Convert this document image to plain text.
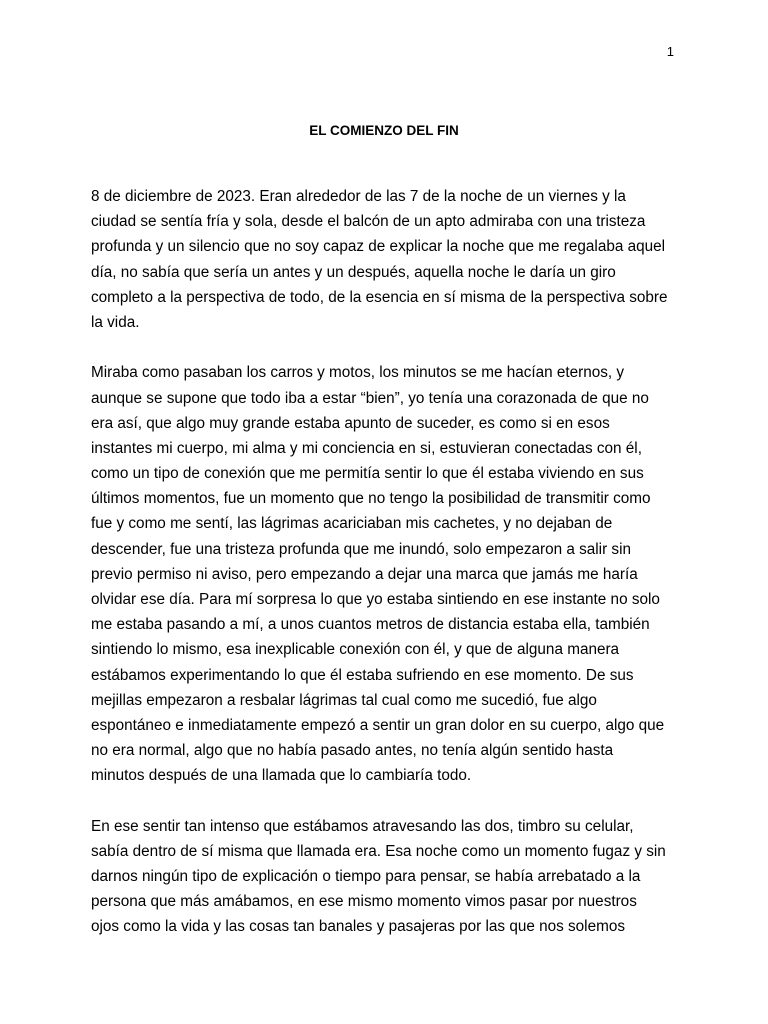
1
EL COMIENZO DEL FIN
8 de diciembre de 2023. Eran alrededor de las 7 de la noche de un viernes y la
ciudad se sentía fría y sola, desde el balcón de un apto admiraba con una tristeza
profunda y un silencio que no soy capaz de explicar la noche que me regalaba aquel
día, no sabía que sería un antes y un después, aquella noche le daría un giro
completo a la perspectiva de todo, de la esencia en sí misma de la perspectiva sobre
la vida.
Miraba como pasaban los carros y motos, los minutos se me hacían eternos, y
aunque se supone que todo iba a estar “bien”, yo tenía una corazonada de que no
era así, que algo muy grande estaba apunto de suceder, es como si en esos
instantes mi cuerpo, mi alma y mi conciencia en si, estuvieran conectadas con él,
como un tipo de conexión que me permitía sentir lo que él estaba viviendo en sus
últimos momentos, fue un momento que no tengo la posibilidad de transmitir como
fue y como me sentí, las lágrimas acariciaban mis cachetes, y no dejaban de
descender, fue una tristeza profunda que me inundó, solo empezaron a salir sin
previo permiso ni aviso, pero empezando a dejar una marca que jamás me haría
olvidar ese día. Para mí sorpresa lo que yo estaba sintiendo en ese instante no solo
me estaba pasando a mí, a unos cuantos metros de distancia estaba ella, también
sintiendo lo mismo, esa inexplicable conexión con él, y que de alguna manera
estábamos experimentando lo que él estaba sufriendo en ese momento. De sus
mejillas empezaron a resbalar lágrimas tal cual como me sucedió, fue algo
espontáneo e inmediatamente empezó a sentir un gran dolor en su cuerpo, algo que
no era normal, algo que no había pasado antes, no tenía algún sentido hasta
minutos después de una llamada que lo cambiaría todo.
En ese sentir tan intenso que estábamos atravesando las dos, timbro su celular,
sabía dentro de sí misma que llamada era. Esa noche como un momento fugaz y sin
darnos ningún tipo de explicación o tiempo para pensar, se había arrebatado a la
persona que más amábamos, en ese mismo momento vimos pasar por nuestros
ojos como la vida y las cosas tan banales y pasajeras por las que nos solemos
